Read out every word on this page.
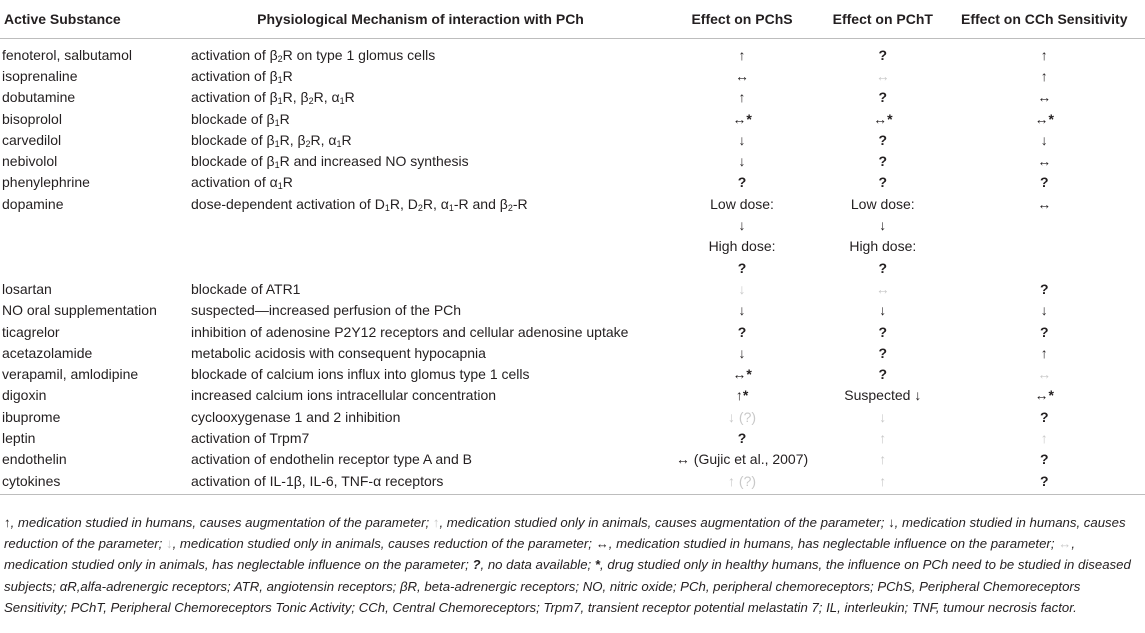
Active Substance	Physiological Mechanism of interaction with PCh	Effect on PChS	Effect on PChT	Effect on CCh Sensitivity
fenoterol, salbutamol	activation of $\beta_2R$ on type 1 glomus cells	↑	?	↑
isoprenaline	activation of $\beta_1R$	↔	↔	↑
dobutamine	activation of $\beta_1R$, $\beta_2R$, $\alpha_1R$	↑	?	↔
bisoprolol	blockade of $\beta_1R$	↔*	↔*	↔*
carvedilol	blockade of $\beta_1R$, $\beta_2R$, $\alpha_1R$	↓	?	↓
nebivolol	blockade of $\beta_1R$ and increased NO synthesis	↓	?	↔
phenylephrine	activation of $\alpha_1R$	?	?	?
dopamine	dose-dependent activation of $D_1R$, $D_2R$, $\alpha_1-R$ and $\beta_2-R$	Low dose:	Low dose:	↔
		↓	↓	
		High dose:	High dose:	
		?	?	
losartan	blockade of ATR1	↓	↔	?
NO oral supplementation	suspected—increased perfusion of the PCh	↓	↓	↓
ticagrelor	inhibition of adenosine P2Y12 receptors and cellular adenosine uptake	?	?	?
acetazolamide	metabolic acidosis with consequent hypocapnia	↓	?	↑
verapamil, amlodipine	blockade of calcium ions influx into glomus type 1 cells	↔*	?	↔
digoxin	increased calcium ions intracellular concentration	↑*	Suspected ↓	↔*
ibuprome	cyclooxygenase 1 and 2 inhibition	↓ (?)	↓	?
leptin	activation of Trpm7	?	↑	↑
endothelin	activation of endothelin receptor type A and B	↔ (Gujic et al., 2007)	↑	?
cytokines	activation of IL-1β, IL-6, TNF-α receptors	↑ (?)	↑	?
↑, medication studied in humans, causes augmentation of the parameter; ↑, medication studied only in animals, causes augmentation of the parameter; ↓, medication studied in humans, causes reduction of the parameter; ↓, medication studied only in animals, causes reduction of the parameter; ↔, medication studied in humans, has neglectable influence on the parameter; ↔, medication studied only in animals, has neglectable influence on the parameter; ?, no data available; *, drug studied only in healthy humans, the influence on PCh need to be studied in diseased subjects; αR,alfa-adrenergic receptors; ATR, angiotensin receptors; βR, beta-adrenergic receptors; NO, nitric oxide; PCh, peripheral chemoreceptors; PChS, Peripheral Chemoreceptors Sensitivity; PChT, Peripheral Chemoreceptors Tonic Activity; CCh, Central Chemoreceptors; Trpm7, transient receptor potential melastatin 7; IL, interleukin; TNF, tumour necrosis factor.
